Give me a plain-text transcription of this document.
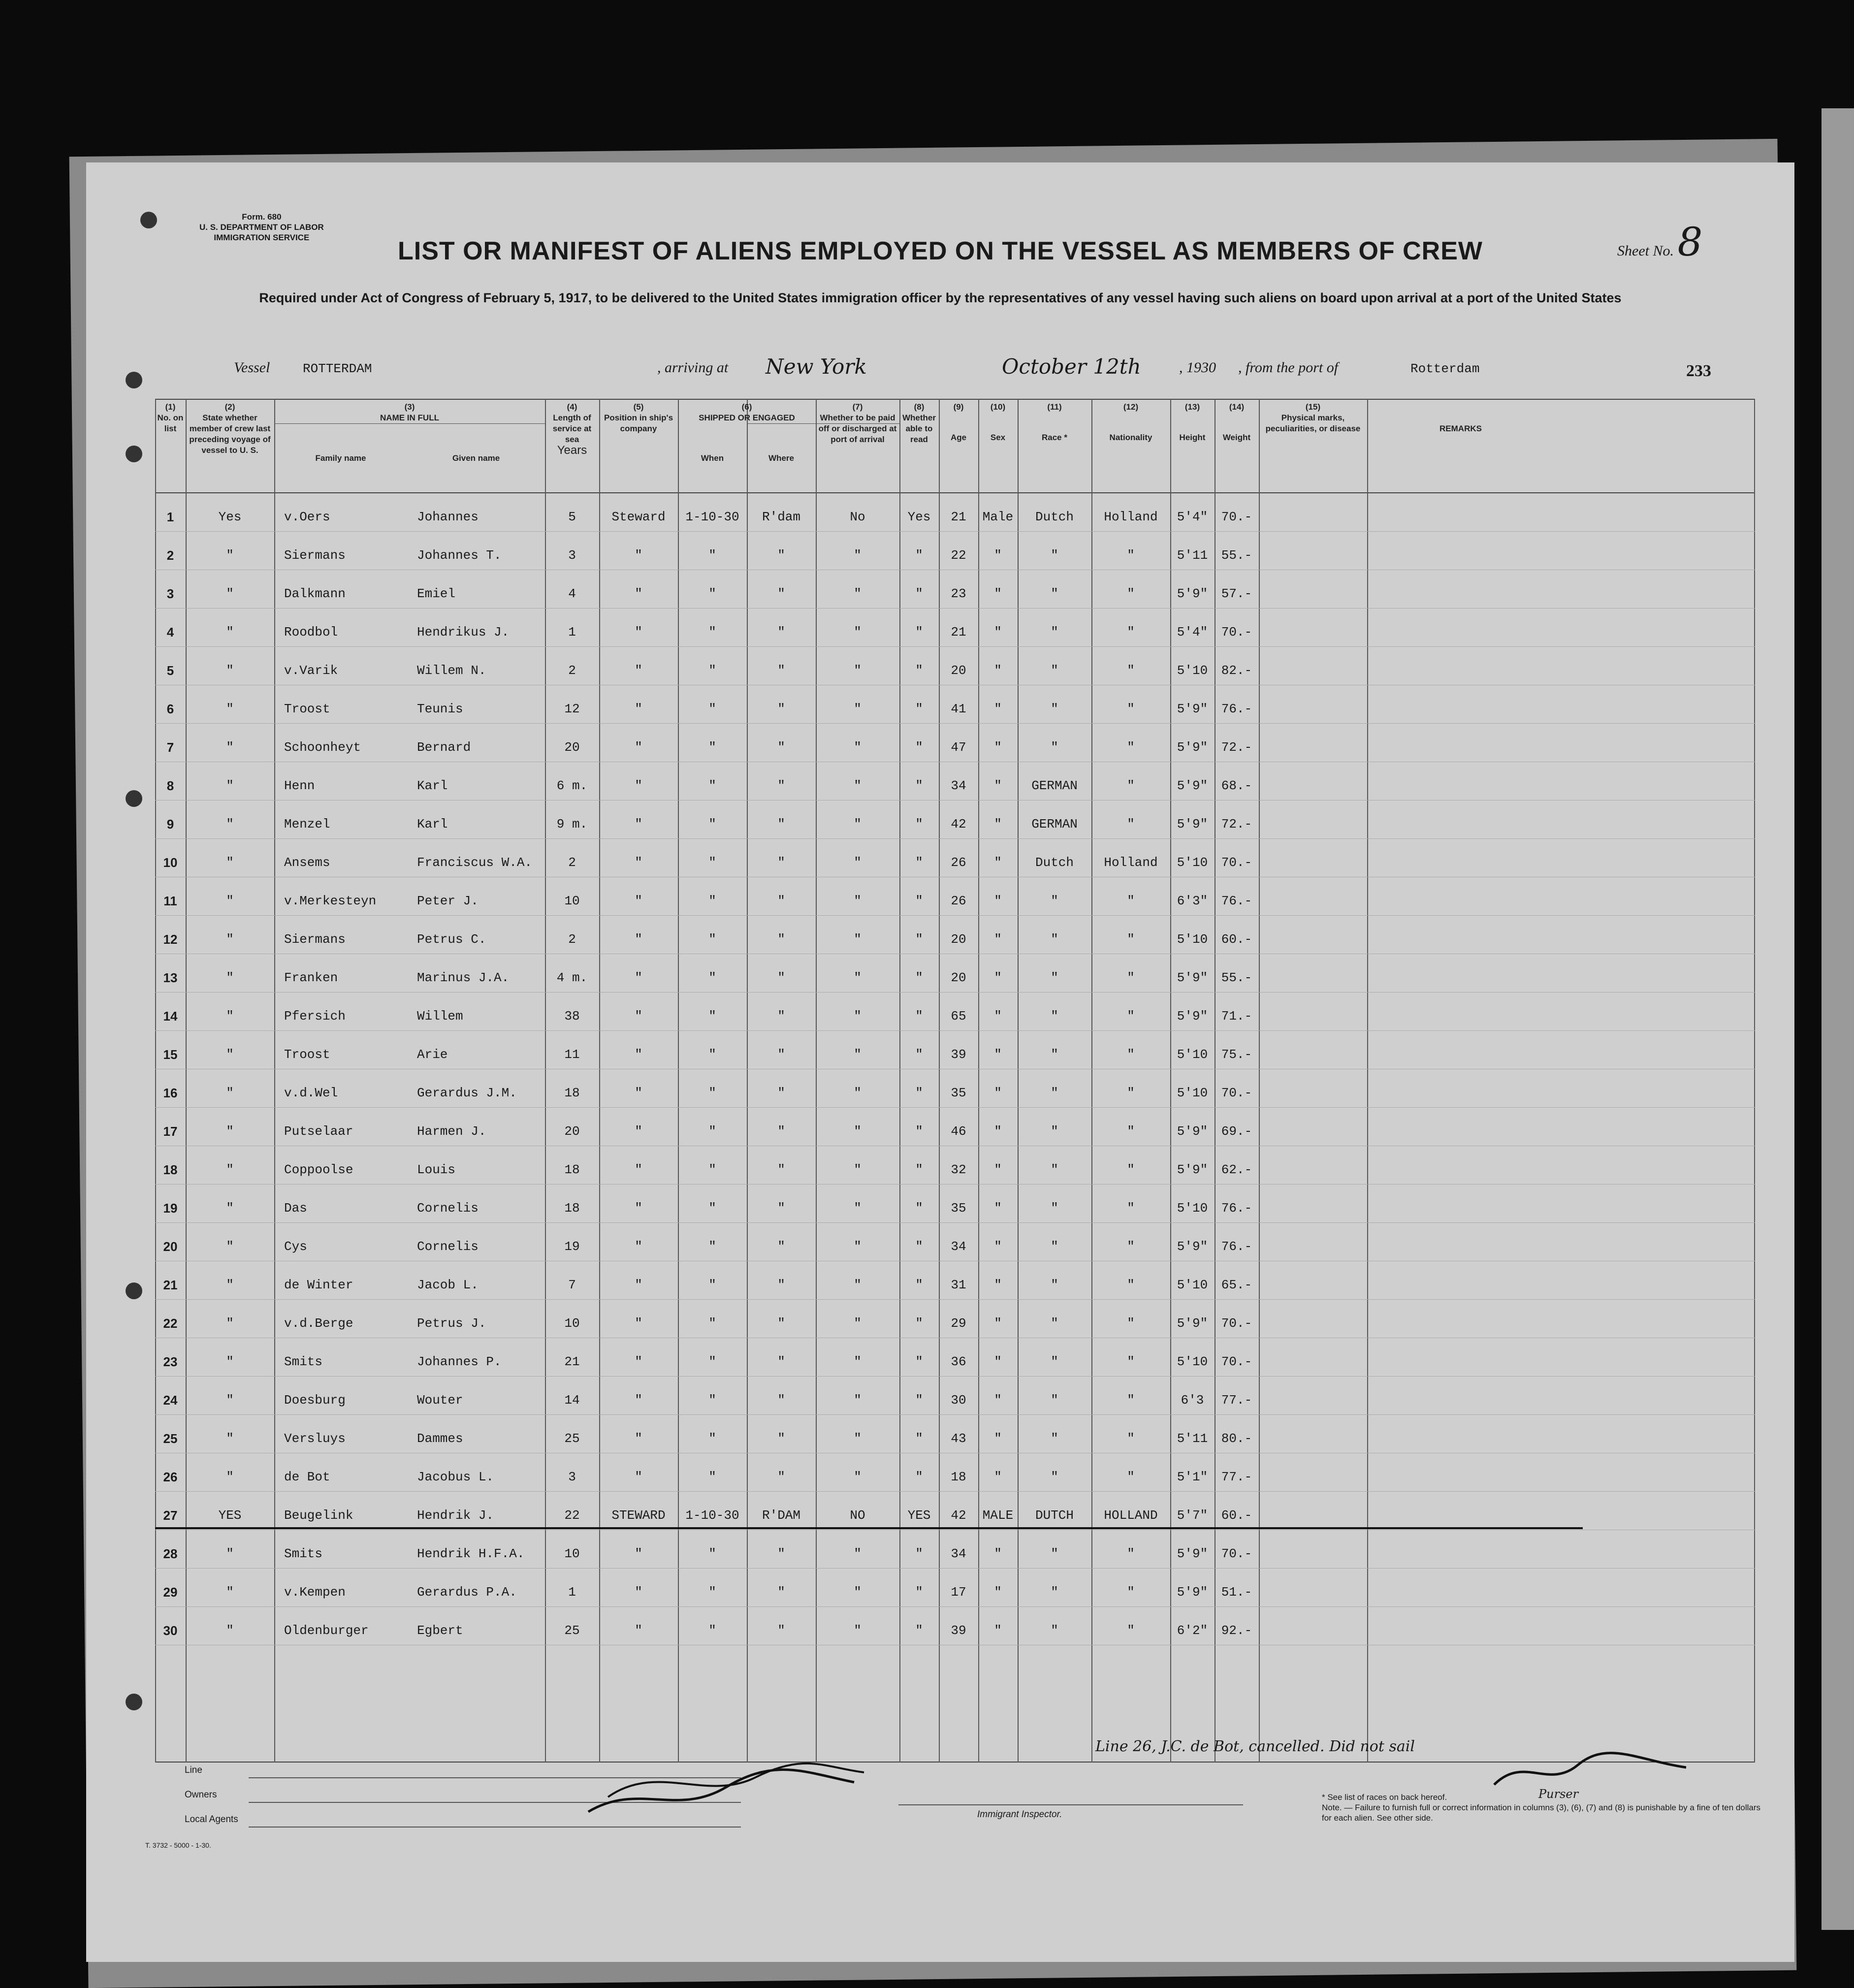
Form. 680
U. S. DEPARTMENT OF LABOR
IMMIGRATION SERVICE
Sheet No. 8
LIST OR MANIFEST OF ALIENS EMPLOYED ON THE VESSEL AS MEMBERS OF CREW
Required under Act of Congress of February 5, 1917, to be delivered to the United States immigration officer by the representatives of any vessel having such aliens on board upon arrival at a port of the United States
Vessel	ROTTERDAM	, arriving at New York	October 12th	, 1930 , from the port of	Rotterdam	233
(1)
No. on list
(2)
State whether member of crew last preceding voyage of vessel to U. S.
(3)
NAME IN FULL
Family name	Given name
(4)
Length of service at sea
Years
(5)
Position in ship's company
(6)
SHIPPED OR ENGAGED
When	Where
(7)
Whether to be paid off or discharged at port of arrival
(8)
Whether able to read
(9)
Age
(10)
Sex
(11)
Race *
(12)
Nationality
(13)
Height
(14)
Weight
(15)
Physical marks, peculiarities, or disease	REMARKS
1	Yes	v.Oers	Johannes	5	Steward	1-10-30	R'dam	No	Yes	21	Male	Dutch	Holland	5'4"	70.-
2	"	Siermans	Johannes T.	3	"	"	"	"	"	22	"	"	"	5'11	55.-
3	"	Dalkmann	Emiel	4	"	"	"	"	"	23	"	"	"	5'9"	57.-
4	"	Roodbol	Hendrikus J.	1	"	"	"	"	"	21	"	"	"	5'4"	70.-
5	"	v.Varik	Willem N.	2	"	"	"	"	"	20	"	"	"	5'10	82.-
6	"	Troost	Teunis	12	"	"	"	"	"	41	"	"	"	5'9"	76.-
7	"	Schoonheyt	Bernard	20	"	"	"	"	"	47	"	"	"	5'9"	72.-
8	"	Henn	Karl	6 m.	"	"	"	"	"	34	"	GERMAN	"	5'9"	68.-
9	"	Menzel	Karl	9 m.	"	"	"	"	"	42	"	GERMAN	"	5'9"	72.-
10	"	Ansems	Franciscus W.A.	2	"	"	"	"	"	26	"	Dutch	Holland	5'10	70.-
11	"	v.Merkesteyn	Peter J.	10	"	"	"	"	"	26	"	"	"	6'3"	76.-
12	"	Siermans	Petrus C.	2	"	"	"	"	"	20	"	"	"	5'10	60.-
13	"	Franken	Marinus J.A.	4 m.	"	"	"	"	"	20	"	"	"	5'9"	55.-
14	"	Pfersich	Willem	38	"	"	"	"	"	65	"	"	"	5'9"	71.-
15	"	Troost	Arie	11	"	"	"	"	"	39	"	"	"	5'10	75.-
16	"	v.d.Wel	Gerardus J.M.	18	"	"	"	"	"	35	"	"	"	5'10	70.-
17	"	Putselaar	Harmen J.	20	"	"	"	"	"	46	"	"	"	5'9"	69.-
18	"	Coppoolse	Louis	18	"	"	"	"	"	32	"	"	"	5'9"	62.-
19	"	Das	Cornelis	18	"	"	"	"	"	35	"	"	"	5'10	76.-
20	"	Cys	Cornelis	19	"	"	"	"	"	34	"	"	"	5'9"	76.-
21	"	de Winter	Jacob L.	7	"	"	"	"	"	31	"	"	"	5'10	65.-
22	"	v.d.Berge	Petrus J.	10	"	"	"	"	"	29	"	"	"	5'9"	70.-
23	"	Smits	Johannes P.	21	"	"	"	"	"	36	"	"	"	5'10	70.-
24	"	Doesburg	Wouter	14	"	"	"	"	"	30	"	"	"	6'3	77.-
25	"	Versluys	Dammes	25	"	"	"	"	"	43	"	"	"	5'11	80.-
26	"	de Bot	Jacobus L.	3	"	"	"	"	"	18	"	"	"	5'1"	77.-
27	YES	Beugelink	Hendrik J.	22	STEWARD	1-10-30	R'DAM	NO	YES	42	MALE	DUTCH	HOLLAND	5'7"	60.-
28	"	Smits	Hendrik H.F.A.	10	"	"	"	"	"	34	"	"	"	5'9"	70.-
29	"	v.Kempen	Gerardus P.A.	1	"	"	"	"	"	17	"	"	"	5'9"	51.-
30	"	Oldenburger	Egbert	25	"	"	"	"	"	39	"	"	"	6'2"	92.-
Line 26, J.C. de Bot, cancelled. Did not sail
Line
Owners
Local Agents	Immigrant Inspector.
Purser
* See list of races on back hereof.
Note. — Failure to furnish full or correct information in columns (3), (6), (7) and (8) is punishable by a fine of ten dollars for each alien. See other side.
T. 3732 - 5000 - 1-30.
